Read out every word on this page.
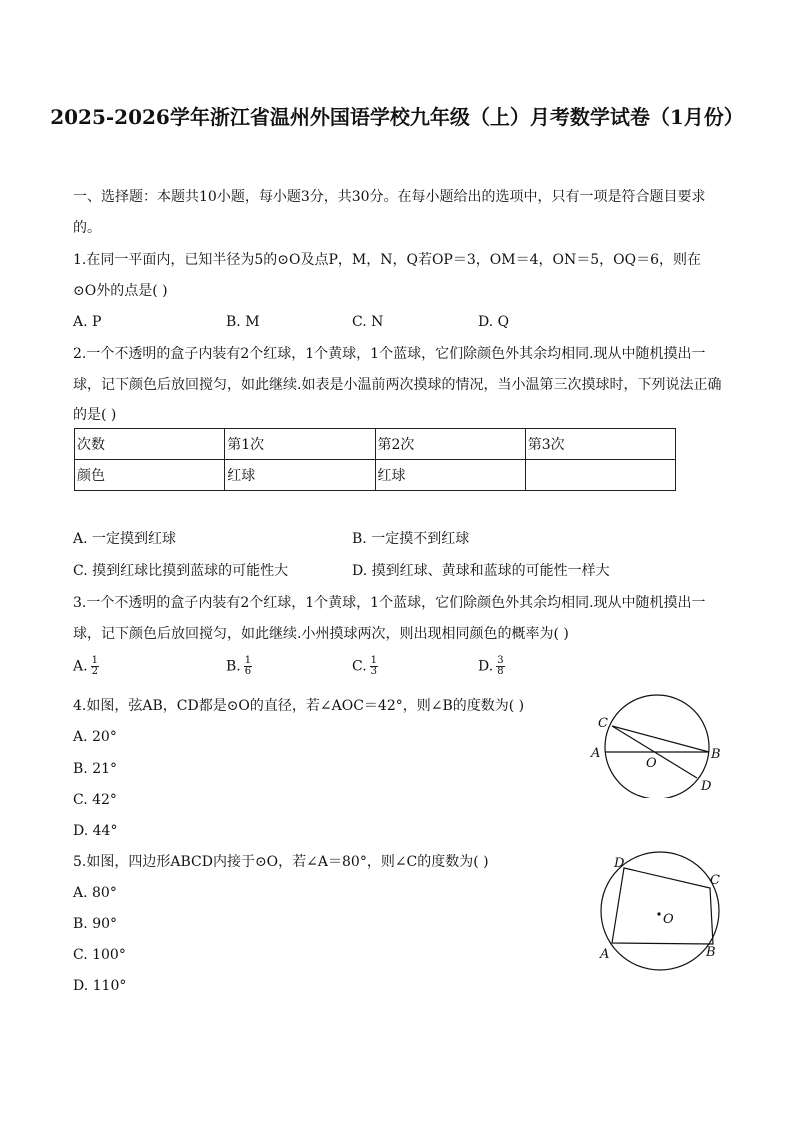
2025-2026学年浙江省温州外国语学校九年级（上）月考数学试卷（1月份）
一、选择题：本题共10小题，每小题3分，共30分。在每小题给出的选项中，只有一项是符合题目要求
的。
1.在同一平面内，已知半径为5的⊙O及点P，M，N，Q若OP＝3，OM＝4，ON＝5，OQ＝6，则在
⊙O外的点是( )
A. P	B. M	C. N	D. Q
2.一个不透明的盒子内装有2个红球，1个黄球，1个蓝球，它们除颜色外其余均相同.现从中随机摸出一
球，记下颜色后放回搅匀，如此继续.如表是小温前两次摸球的情况，当小温第三次摸球时，下列说法正确
的是( )
次数	第1次	第2次	第3次
颜色	红球	红球	
A. 一定摸到红球	B. 一定摸不到红球
C. 摸到红球比摸到蓝球的可能性大	D. 摸到红球、黄球和蓝球的可能性一样大
3.一个不透明的盒子内装有2个红球，1个黄球，1个蓝球，它们除颜色外其余均相同.现从中随机摸出一
球，记下颜色后放回搅匀，如此继续.小州摸球两次，则出现相同颜色的概率为( )
A. $\frac{1}{2}$	B. $\frac{1}{6}$	C. $\frac{1}{3}$	D. $\frac{3}{8}$
4.如图，弦AB，CD都是⊙O的直径，若∠AOC＝42°，则∠B的度数为( )
A. 20°
B. 21°
C. 42°
D. 44°
C
A
O
B
D
5.如图，四边形ABCD内接于⊙O，若∠A＝80°，则∠C的度数为( )
A. 80°
B. 90°
C. 100°
D. 110°
D
C
O
A	B
